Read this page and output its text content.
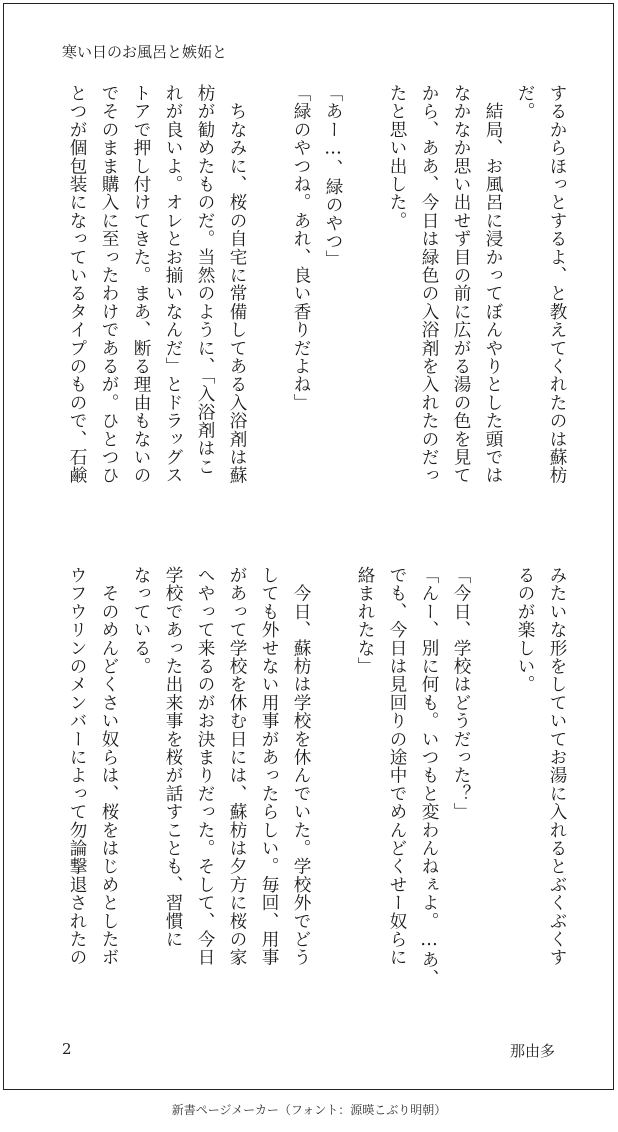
寒い日のお風呂と嫉妬と
するからほっとするよ、と教えてくれたのは蘇枋
だ。
　結局、お風呂に浸かってぼんやりとした頭では
なかなか思い出せず目の前に広がる湯の色を見て
から、ああ、今日は緑色の入浴剤を入れたのだっ
たと思い出した。
「あー…、緑のやつ」
「緑のやつね。あれ、良い香りだよね」
　ちなみに、桜の自宅に常備してある入浴剤は蘇
枋が勧めたものだ。当然のように、「入浴剤はこ
れが良いよ。オレとお揃いなんだ」とドラッグス
トアで押し付けてきた。まあ、断る理由もないの
でそのまま購入に至ったわけであるが。ひとつひ
とつが個包装になっているタイプのもので、石鹸
みたいな形をしていてお湯に入れるとぶくぶくす
るのが楽しい。
「今日、学校はどうだった？」
「んー、別に何も。いつもと変わんねぇよ。…あ、
でも、今日は見回りの途中でめんどくせー奴らに
絡まれたな」
　今日、蘇枋は学校を休んでいた。学校外でどう
しても外せない用事があったらしい。毎回、用事
があって学校を休む日には、蘇枋は夕方に桜の家
へやって来るのがお決まりだった。そして、今日
学校であった出来事を桜が話すことも、習慣に
なっている。
　そのめんどくさい奴らは、桜をはじめとしたボ
ウフウリンのメンバーによって勿論撃退されたの
2	那由多
新書ページメーカー（フォント：源暎こぶり明朝）
